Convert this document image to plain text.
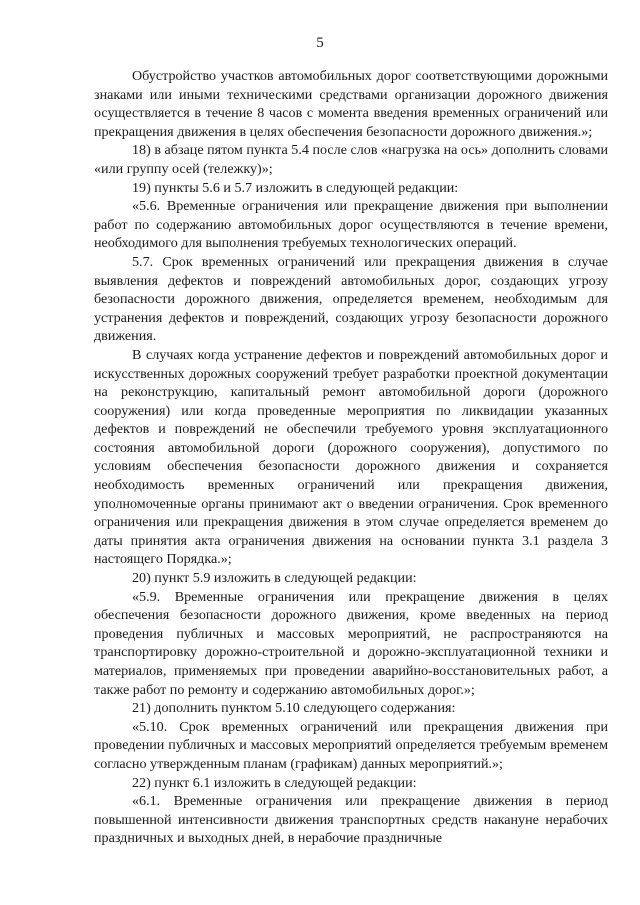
5

Обустройство участков автомобильных дорог соответствующими дорожными знаками или иными техническими средствами организации дорожного движения осуществляется в течение 8 часов с момента введения временных ограничений или прекращения движения в целях обеспечения безопасности дорожного движения.»;

18) в абзаце пятом пункта 5.4 после слов «нагрузка на ось» дополнить словами «или группу осей (тележку)»;

19) пункты 5.6 и 5.7 изложить в следующей редакции:

«5.6. Временные ограничения или прекращение движения при выполнении работ по содержанию автомобильных дорог осуществляются в течение времени, необходимого для выполнения требуемых технологических операций.

5.7. Срок временных ограничений или прекращения движения в случае выявления дефектов и повреждений автомобильных дорог, создающих угрозу безопасности дорожного движения, определяется временем, необходимым для устранения дефектов и повреждений, создающих угрозу безопасности дорожного движения.

В случаях когда устранение дефектов и повреждений автомобильных дорог и искусственных дорожных сооружений требует разработки проектной документации на реконструкцию, капитальный ремонт автомобильной дороги (дорожного сооружения) или когда проведенные мероприятия по ликвидации указанных дефектов и повреждений не обеспечили требуемого уровня эксплуатационного состояния автомобильной дороги (дорожного сооружения), допустимого по условиям обеспечения безопасности дорожного движения и сохраняется необходимость временных ограничений или прекращения движения, уполномоченные органы принимают акт о введении ограничения. Срок временного ограничения или прекращения движения в этом случае определяется временем до даты принятия акта ограничения движения на основании пункта 3.1 раздела 3 настоящего Порядка.»;

20) пункт 5.9 изложить в следующей редакции:

«5.9. Временные ограничения или прекращение движения в целях обеспечения безопасности дорожного движения, кроме введенных на период проведения публичных и массовых мероприятий, не распространяются на транспортировку дорожно-строительной и дорожно-эксплуатационной техники и материалов, применяемых при проведении аварийно-восстановительных работ, а также работ по ремонту и содержанию автомобильных дорог.»;

21) дополнить пунктом 5.10 следующего содержания:

«5.10. Срок временных ограничений или прекращения движения при проведении публичных и массовых мероприятий определяется требуемым временем согласно утвержденным планам (графикам) данных мероприятий.»;

22) пункт 6.1 изложить в следующей редакции:

«6.1. Временные ограничения или прекращение движения в период повышенной интенсивности движения транспортных средств накануне нерабочих праздничных и выходных дней, в нерабочие праздничные
